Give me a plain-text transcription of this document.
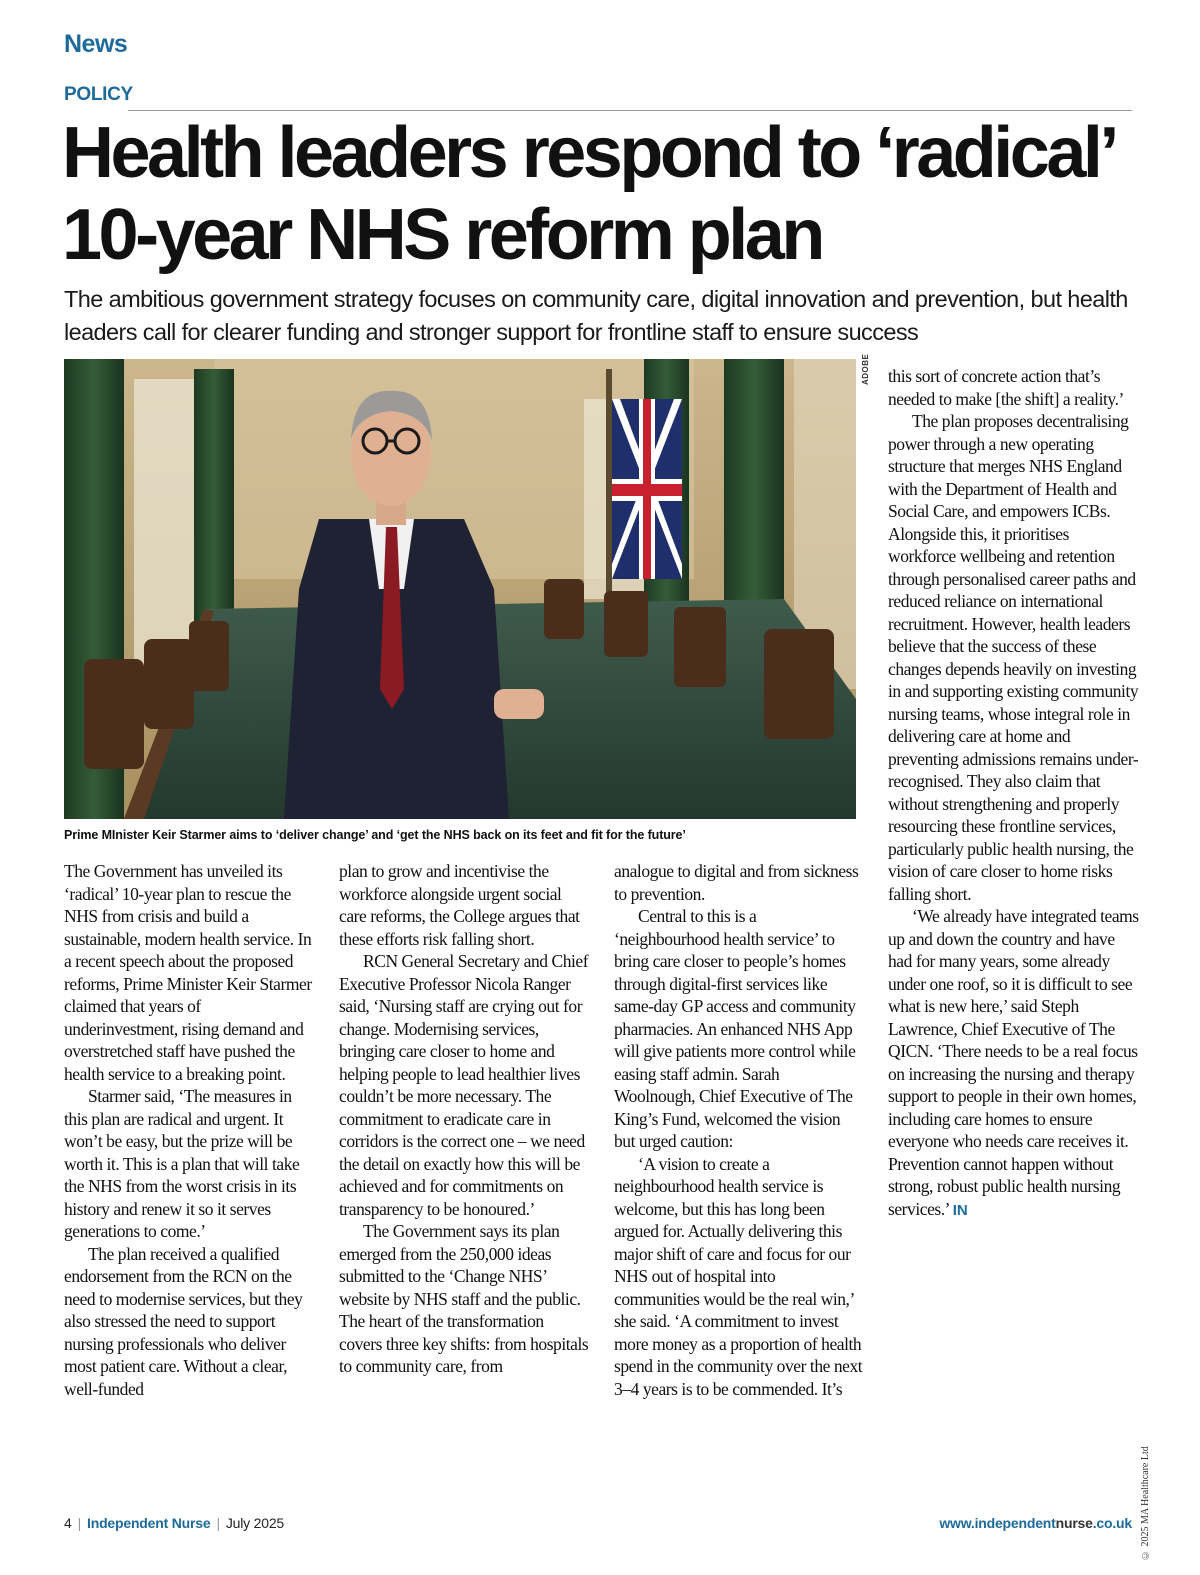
News
POLICY
Health leaders respond to ‘radical’
10-year NHS reform plan

The ambitious government strategy focuses on community care, digital innovation and prevention, but health leaders call for clearer funding and stronger support for frontline staff to ensure success

ADOBE

Prime MInister Keir Starmer aims to ‘deliver change’ and ‘get the NHS back on its feet and fit for the future’

The Government has unveiled its ‘radical’ 10-year plan to rescue the NHS from crisis and build a sustainable, modern health service. In a recent speech about the proposed reforms, Prime Minister Keir Starmer claimed that years of underinvestment, rising demand and overstretched staff have pushed the health service to a breaking point.

Starmer said, ‘The measures in this plan are radical and urgent. It won’t be easy, but the prize will be worth it. This is a plan that will take the NHS from the worst crisis in its history and renew it so it serves generations to come.’

The plan received a qualified endorsement from the RCN on the need to modernise services, but they also stressed the need to support nursing professionals who deliver most patient care. Without a clear, well-funded

plan to grow and incentivise the workforce alongside urgent social care reforms, the College argues that these efforts risk falling short.

RCN General Secretary and Chief Executive Professor Nicola Ranger said, ‘Nursing staff are crying out for change. Modernising services, bringing care closer to home and helping people to lead healthier lives couldn’t be more necessary. The commitment to eradicate care in corridors is the correct one – we need the detail on exactly how this will be achieved and for commitments on transparency to be honoured.’

The Government says its plan emerged from the 250,000 ideas submitted to the ‘Change NHS’ website by NHS staff and the public. The heart of the transformation covers three key shifts: from hospitals to community care, from

analogue to digital and from sickness to prevention.

Central to this is a ‘neighbourhood health service’ to bring care closer to people’s homes through digital-first services like same-day GP access and community pharmacies. An enhanced NHS App will give patients more control while easing staff admin. Sarah Woolnough, Chief Executive of The King’s Fund, welcomed the vision but urged caution:

‘A vision to create a neighbourhood health service is welcome, but this has long been argued for. Actually delivering this major shift of care and focus for our NHS out of hospital into communities would be the real win,’ she said. ‘A commitment to invest more money as a proportion of health spend in the community over the next 3–4 years is to be commended. It’s

this sort of concrete action that’s needed to make [the shift] a reality.’

The plan proposes decentralising power through a new operating structure that merges NHS England with the Department of Health and Social Care, and empowers ICBs. Alongside this, it prioritises workforce wellbeing and retention through personalised career paths and reduced reliance on international recruitment. However, health leaders believe that the success of these changes depends heavily on investing in and supporting existing community nursing teams, whose integral role in delivering care at home and preventing admissions remains under-recognised. They also claim that without strengthening and properly resourcing these frontline services, particularly public health nursing, the vision of care closer to home risks falling short.

‘We already have integrated teams up and down the country and have had for many years, some already under one roof, so it is difficult to see what is new here,’ said Steph Lawrence, Chief Executive of The QICN. ‘There needs to be a real focus on increasing the nursing and therapy support to people in their own homes, including care homes to ensure everyone who needs care receives it. Prevention cannot happen without strong, robust public health nursing services.’ IN

© 2025 MA Healthcare Ltd
4 | Independent Nurse | July 2025	www.independentnurse.co.uk
